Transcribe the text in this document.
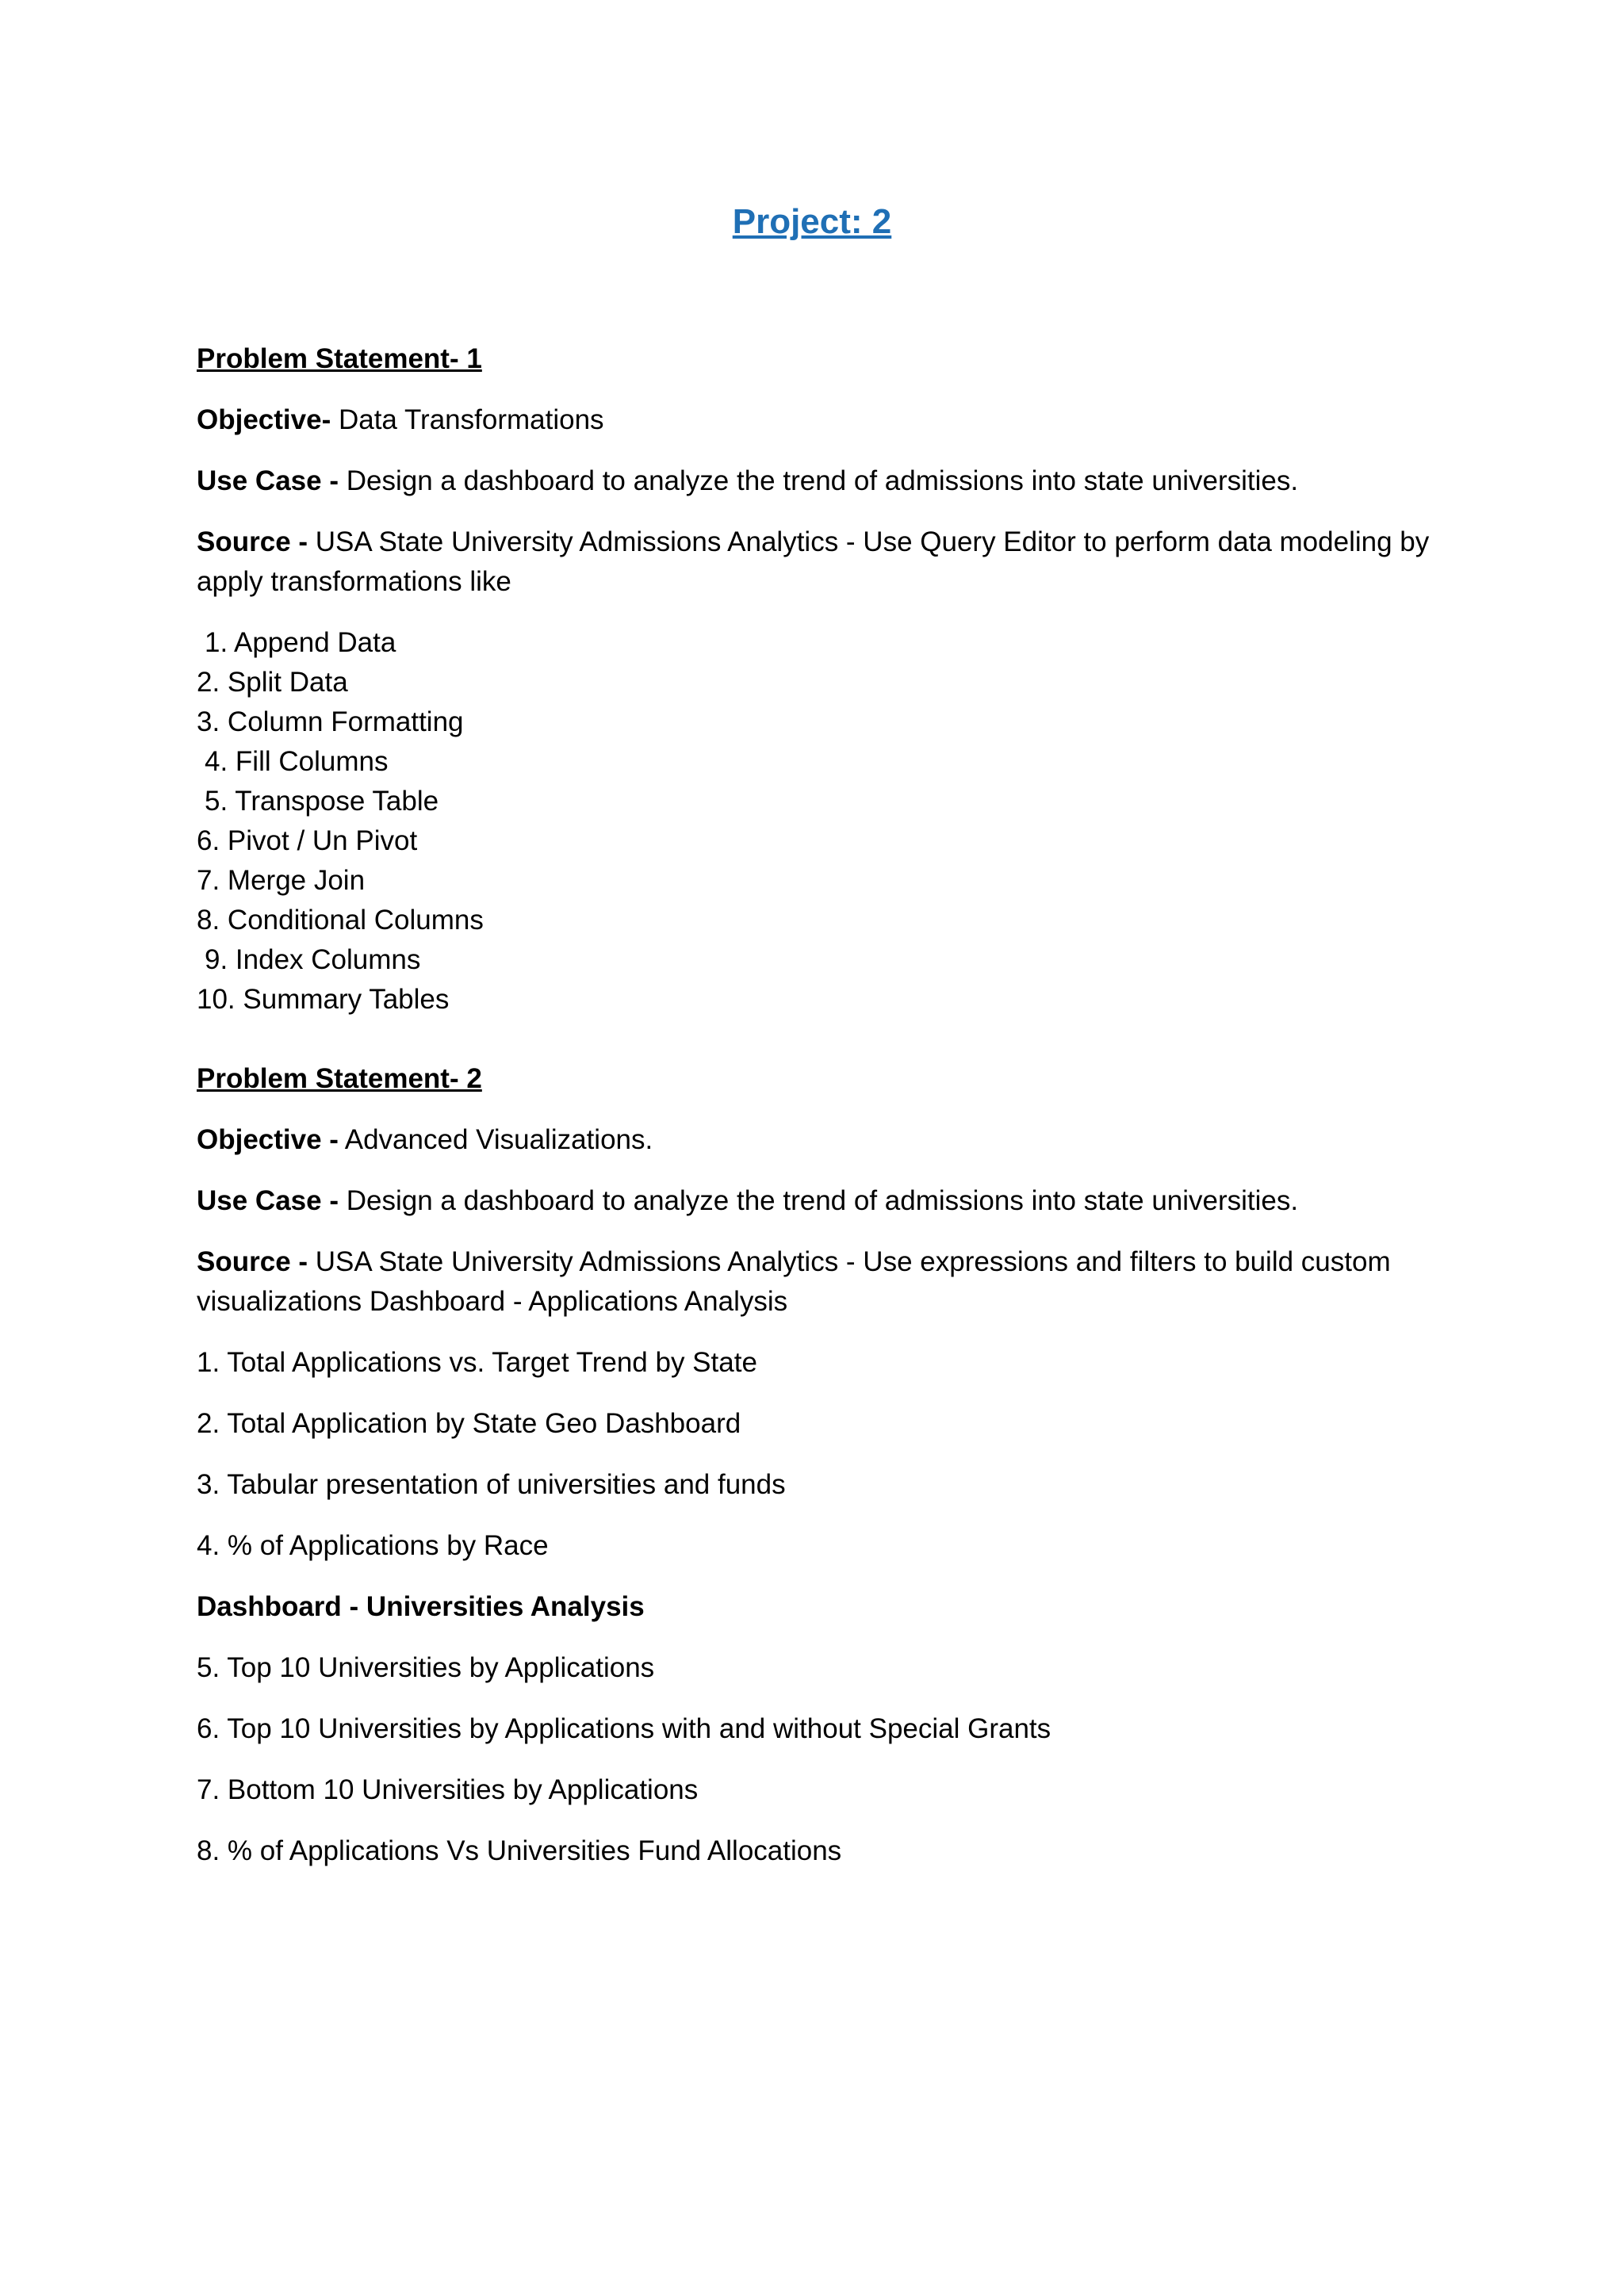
Project: 2

Problem Statement- 1

Objective- Data Transformations

Use Case - Design a dashboard to analyze the trend of admissions into state universities.

Source - USA State University Admissions Analytics - Use Query Editor to perform data modeling by apply transformations like

1. Append Data
2. Split Data
3. Column Formatting
4. Fill Columns
5. Transpose Table
6. Pivot / Un Pivot
7. Merge Join
8. Conditional Columns
9. Index Columns
10. Summary Tables

Problem Statement- 2

Objective - Advanced Visualizations.

Use Case - Design a dashboard to analyze the trend of admissions into state universities.

Source - USA State University Admissions Analytics - Use expressions and filters to build custom visualizations Dashboard - Applications Analysis

1. Total Applications vs. Target Trend by State

2. Total Application by State Geo Dashboard

3. Tabular presentation of universities and funds

4. % of Applications by Race

Dashboard - Universities Analysis

5. Top 10 Universities by Applications

6. Top 10 Universities by Applications with and without Special Grants

7. Bottom 10 Universities by Applications

8. % of Applications Vs Universities Fund Allocations
